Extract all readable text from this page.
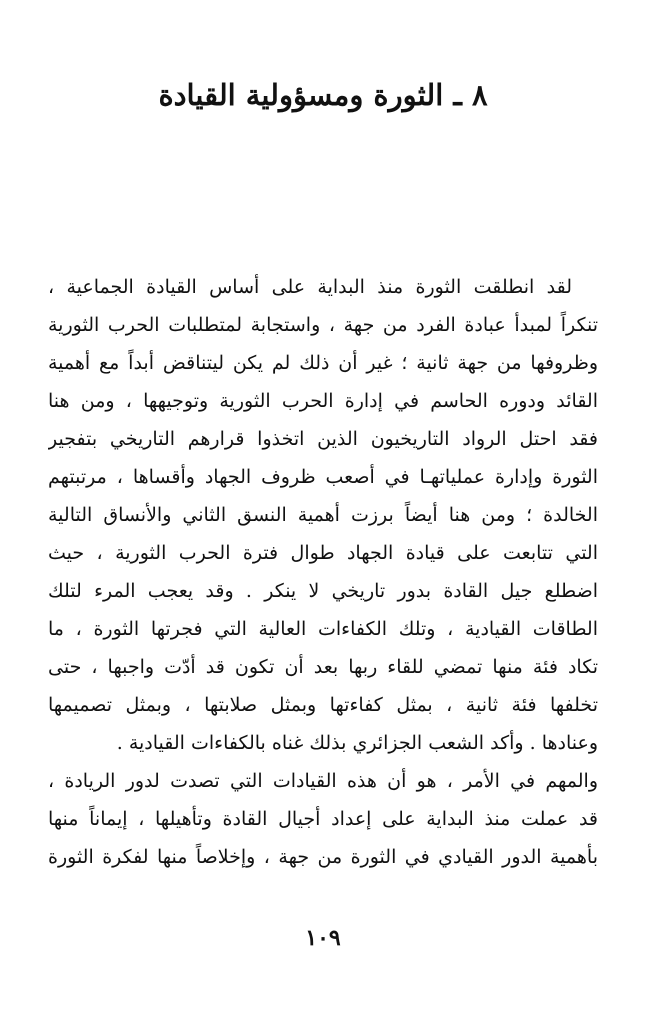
٨ ـ الثورة ومسؤولية القيادة
لقد انطلقت الثورة منذ البداية على أساس القيادة الجماعية ،
تنكراً لمبدأ عبادة الفرد من جهة ، واستجابة لمتطلبات الحرب الثورية
وظروفها من جهة ثانية ؛ غير أن ذلك لم يكن ليتناقض أبداً مع أهمية
القائد ودوره الحاسم في إدارة الحرب الثورية وتوجيهها ، ومن هنا
فقد احتل الرواد التاريخيون الذين اتخذوا قرارهم التاريخي بتفجير
الثورة وإدارة عملياتهـا في أصعب ظروف الجهاد وأقساها ، مرتبتهم
الخالدة ؛ ومن هنا أيضاً برزت أهمية النسق الثاني والأنساق التالية
التي تتابعت على قيادة الجهاد طوال فترة الحرب الثورية ، حيث
اضطلع جيل القادة بدور تاريخي لا ينكر . وقد يعجب المرء لتلك
الطاقات القيادية ، وتلك الكفاءات العالية التي فجرتها الثورة ، ما
تكاد فئة منها تمضي للقاء ربها بعد أن تكون قد أدّت واجبها ، حتى
تخلفها فئة ثانية ، بمثل كفاءتها وبمثل صلابتها ، وبمثل تصميمها
وعنادها . وأكد الشعب الجزائري بذلك غناه بالكفاءات القيادية .
والمهم في الأمر ، هو أن هذه القيادات التي تصدت لدور الريادة ،
قد عملت منذ البداية على إعداد أجيال القادة وتأهيلها ، إيماناً منها
بأهمية الدور القيادي في الثورة من جهة ، وإخلاصاً منها لفكرة الثورة
١٠٩
